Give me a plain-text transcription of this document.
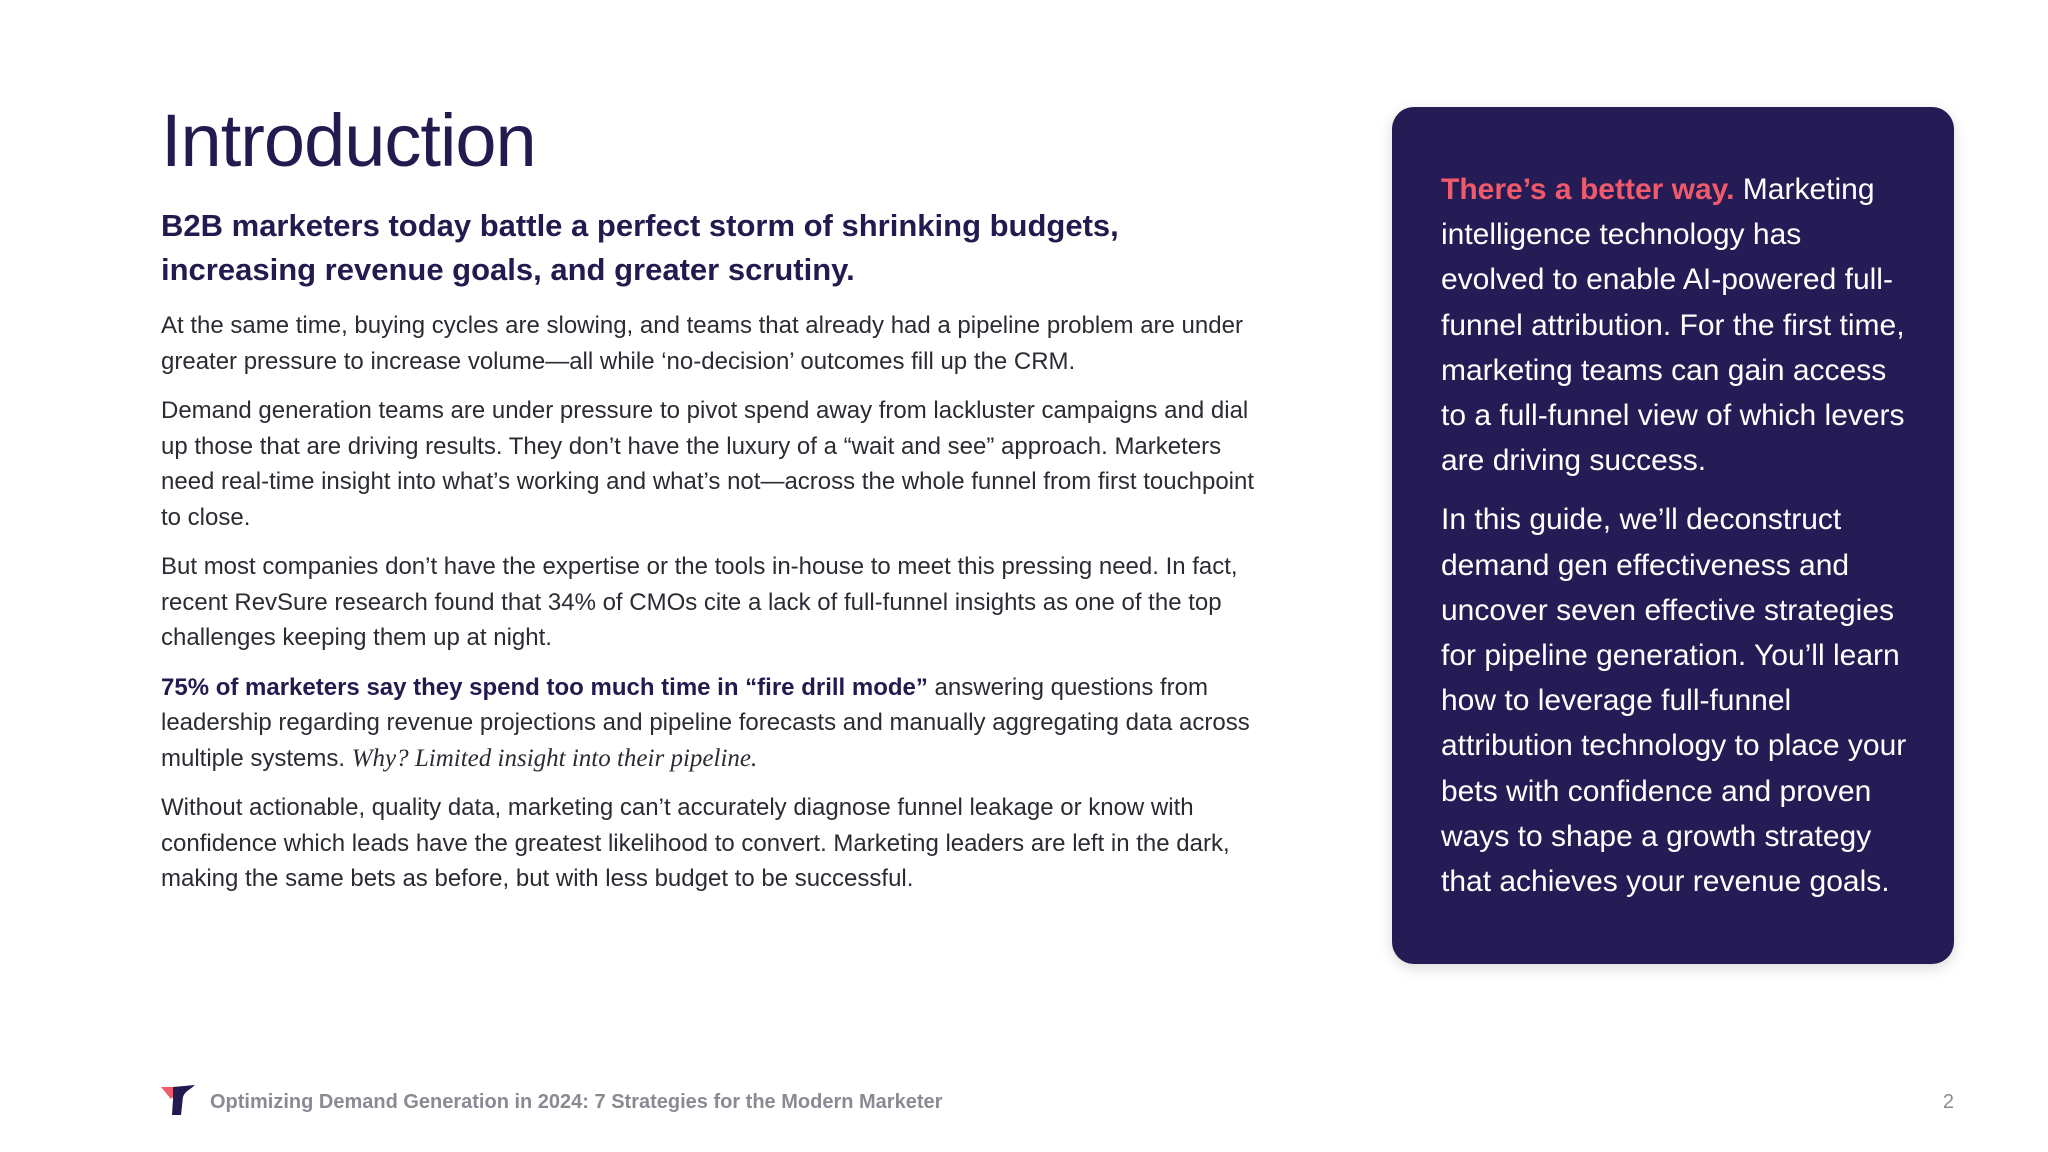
Introduction
B2B marketers today battle a perfect storm of shrinking budgets, increasing revenue goals, and greater scrutiny.

At the same time, buying cycles are slowing, and teams that already had a pipeline problem are under greater pressure to increase volume—all while ‘no-decision’ outcomes fill up the CRM.

Demand generation teams are under pressure to pivot spend away from lackluster campaigns and dial up those that are driving results. They don’t have the luxury of a “wait and see” approach. Marketers need real-time insight into what’s working and what’s not—across the whole funnel from first touchpoint to close.

But most companies don’t have the expertise or the tools in-house to meet this pressing need. In fact, recent RevSure research found that 34% of CMOs cite a lack of full-funnel insights as one of the top challenges keeping them up at night.

75% of marketers say they spend too much time in “fire drill mode” answering questions from leadership regarding revenue projections and pipeline forecasts and manually aggregating data across multiple systems. Why? Limited insight into their pipeline.

Without actionable, quality data, marketing can’t accurately diagnose funnel leakage or know with confidence which leads have the greatest likelihood to convert. Marketing leaders are left in the dark, making the same bets as before, but with less budget to be successful.

There’s a better way. Marketing intelligence technology has evolved to enable AI-powered full-funnel attribution. For the first time, marketing teams can gain access to a full-funnel view of which levers are driving success.

In this guide, we’ll deconstruct demand gen effectiveness and uncover seven effective strategies for pipeline generation. You’ll learn how to leverage full-funnel attribution technology to place your bets with confidence and proven ways to shape a growth strategy that achieves your revenue goals.

Optimizing Demand Generation in 2024: 7 Strategies for the Modern Marketer	2
